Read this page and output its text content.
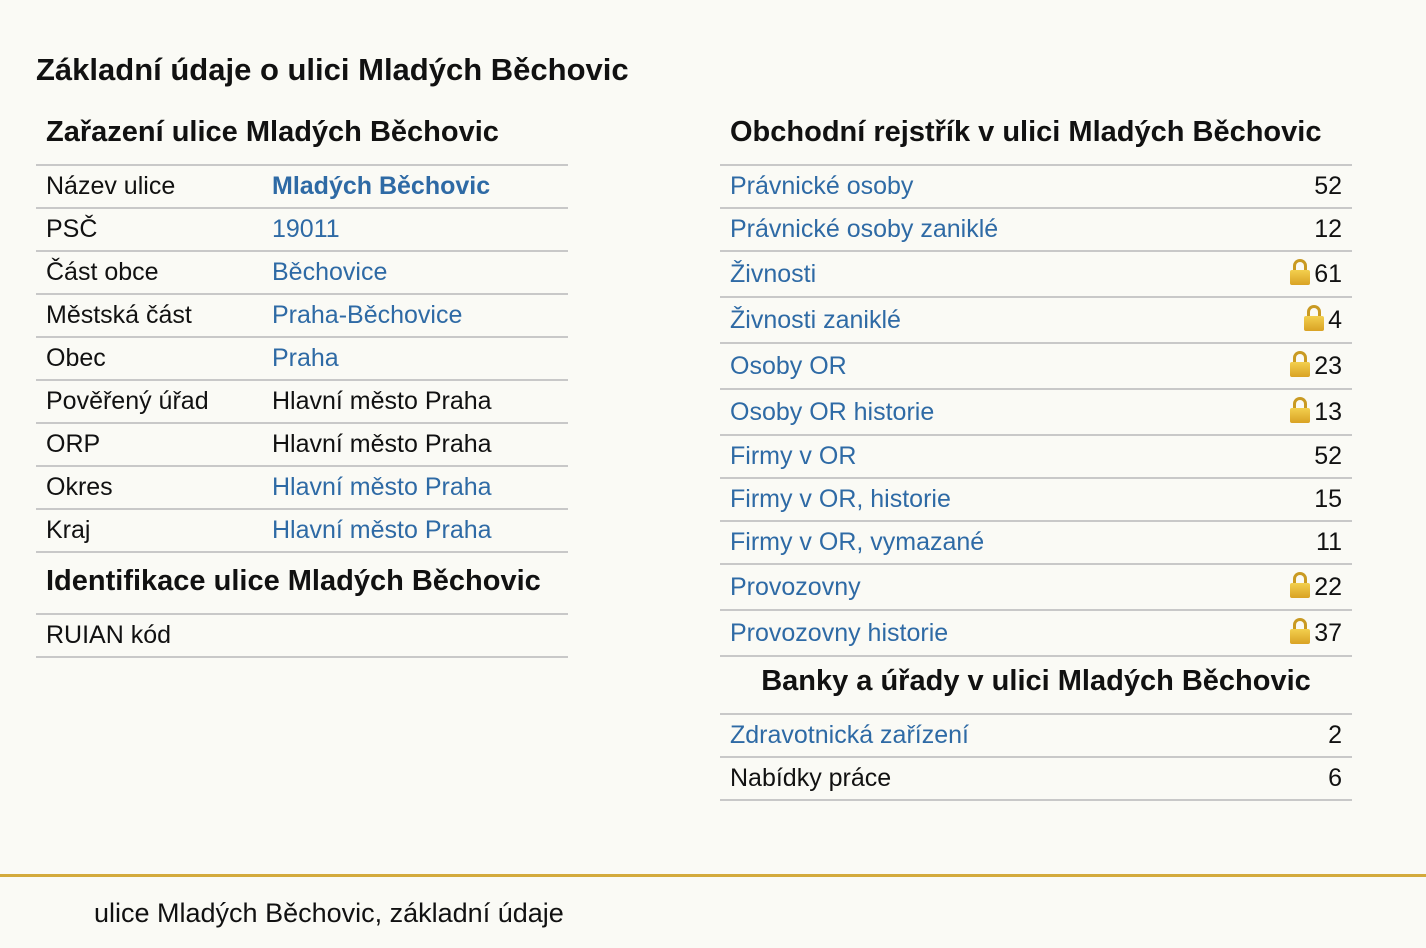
Základní údaje o ulici Mladých Běchovic
Zařazení ulice Mladých Běchovic
Název ulice	Mladých Běchovic
PSČ	19011
Část obce	Běchovice
Městská část	Praha-Běchovice
Obec	Praha
Pověřený úřad	Hlavní město Praha
ORP	Hlavní město Praha
Okres	Hlavní město Praha
Kraj	Hlavní město Praha
Identifikace ulice Mladých Běchovic
RUIAN kód	
Obchodní rejstřík v ulici Mladých Běchovic
Právnické osoby	52
Právnické osoby zaniklé	12
Živnosti	61
Živnosti zaniklé	4
Osoby OR	23
Osoby OR historie	13
Firmy v OR	52
Firmy v OR, historie	15
Firmy v OR, vymazané	11
Provozovny	22
Provozovny historie	37
Banky a úřady v ulici Mladých Běchovic
Zdravotnická zařízení	2
Nabídky práce	6
ulice Mladých Běchovic, základní údaje
